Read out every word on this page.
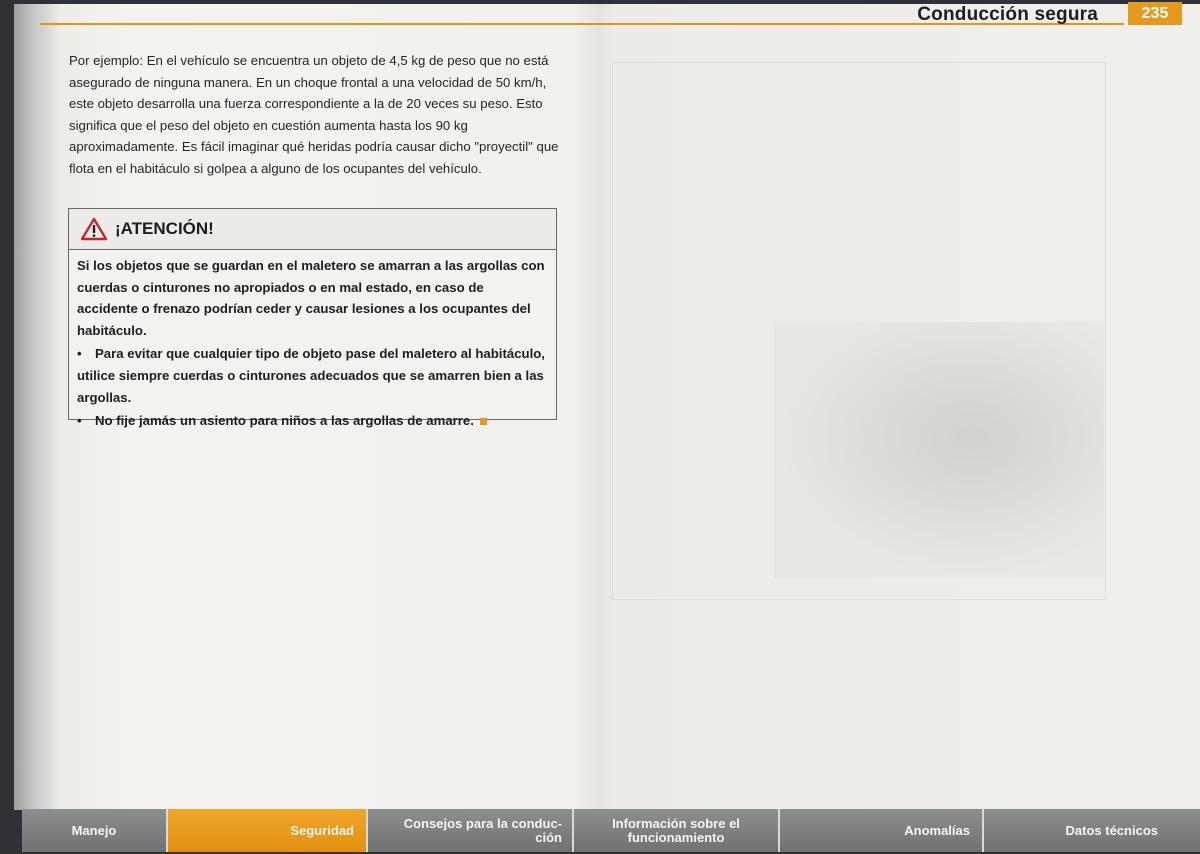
Conducción segura	235

Por ejemplo: En el vehículo se encuentra un objeto de 4,5 kg de peso que no está asegurado de ninguna manera. En un choque frontal a una velocidad de 50 km/h, este objeto desarrolla una fuerza correspondiente a la de 20 veces su peso. Esto significa que el peso del objeto en cuestión aumenta hasta los 90 kg aproximadamente. Es fácil imaginar qué heridas podría causar dicho "proyectil" que flota en el habitáculo si golpea a alguno de los ocupantes del vehículo.

¡ATENCIÓN!

Si los objetos que se guardan en el maletero se amarran a las argollas con cuerdas o cinturones no apropiados o en mal estado, en caso de accidente o frenazo podrían ceder y causar lesiones a los ocupantes del habitáculo.

• Para evitar que cualquier tipo de objeto pase del maletero al habitáculo, utilice siempre cuerdas o cinturones adecuados que se amarren bien a las argollas.

• No fije jamás un asiento para niños a las argollas de amarre.

Manejo	Seguridad	Consejos para la conduc-
ción
Información sobre el
funcionamiento	Anomalías	Datos técnicos
